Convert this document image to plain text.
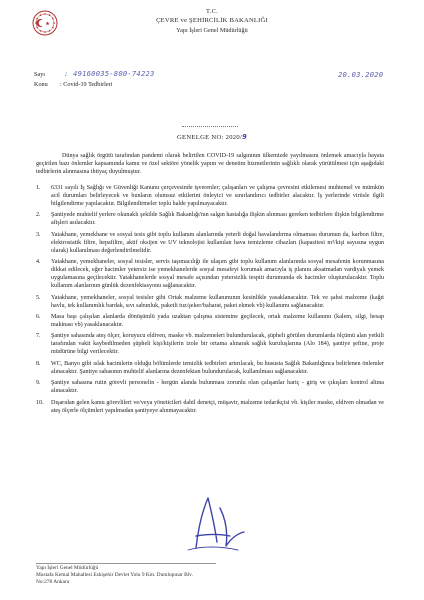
T.C.
ÇEVRE ve ŞEHİRCİLİK BAKANLIĞI
Yapı İşleri Genel Müdürlüğü
Sayı	: 49160035-800-74223	20.03.2020
Konu : Covid-19 Tedbirleri
GENELGE NO: 2020/9
Dünya sağlık örgütü tarafından pandemi olarak belirtilen COVID-19 salgınının ülkemizde yayılmasını önlemek amacıyla hayata geçirilen bazı önlemler kapsamında kamu ve özel sektöre yönelik yapım ve denetim hizmetlerinin sağlıklı olarak yürütülmesi için aşağıdaki tedbirlerin alınmasına ihtiyaç duyulmuştur.
1. 6331 sayılı İş Sağlığı ve Güvenliği Kanunu çerçevesinde işverenler; çalışanları ve çalışma çevresini etkilemesi muhtemel ve mümkün acil durumları belirleyecek ve bunların olumsuz etkilerini önleyici ve sınırlandırıcı tedbirler alacaktır. İş yerlerinde virüsle ilgili bilgilendirme yapılacaktır. Bilgilendirmeler toplu halde yapılmayacaktır.
2. Şantiyede muhtelif yerlere okunaklı şekilde Sağlık Bakanlığı'nın salgın hastalığa ilişkin alınması gereken tedbirlere ilişkin bilgilendirme afişleri asılacaktır.
3. Yatakhane, yemekhane ve sosyal tesis gibi toplu kullanım alanlarında yeterli doğal havalandırma olmaması durumun da, karbon filtre, elektrostatik filtre, hepafiltre, aktif oksijen ve UV teknolojisi kullanılan hava temizleme cihazları (kapasitesi m³/kişi sayısına uygun olarak) kullanılması değerlendirilmelidir.
4. Yatakhane, yemekhaneler, sosyal tesisler, servis taşımacılığı ile ulaşım gibi toplu kullanım alanlarında sosyal mesafenin korunmasına dikkat edilecek, eğer hacimler yetersiz ise yemekhanelerde sosyal mesafeyi korumak amacıyla iş planını aksatmadan vardiyalı yemek uygulamasına geçilecektir. Yatakhanelerde sosyal mesafe açısından yetersizlik tespiti durumunda ek hacimler oluşturulacaktır. Toplu kullanım alanlarının günlük dezenfektasyonu sağlanacaktır.
5. Yatakhane, yemekhaneler, sosyal tesisler gibi Ortak malzeme kullanımının kesinlikle yasaklanacaktır. Tek ve şahsi malzeme (kağıt havlu, tek kullanımlık bardak, sıvı sabunluk, paketli tuz/şeker/baharat, paket ekmek vb) kullanımı sağlanacaktır.
6. Masa başı çalışılan alanlarda dönüşümlü yada uzaktan çalışma sistemine geçilecek, ortak malzeme kullanımı (kalem, silgi, hesap makinası vb) yasaklanacaktır.
7. Şantiye sahasında ateş ölçer, koruyucu eldiven, maske vb. malzemeleri bulundurulacak, şüpheli görülen durumlarda ölçümü alan yetkili tarafından vakit kaybedilmeden şüpheli kişi/kişilerin izole bir ortama alınarak sağlık kuruluşlarına (Alo 184), şantiye şefine, proje müdürüne bilgi verilecektir.
8. WC, Banyo gibi ıslak hacimlerin olduğu bölümlerde temizlik tedbirleri artırılacak, bu hususta Sağlık Bakanlığınca belirlenen önlemler alınacaktır. Şantiye sahasının muhtelif alanlarına dezenfektan bulundurulacak, kullanılması sağlanacaktır.
9. Şantiye sahasına rutin görevli personelin - hergün alanda bulunması zorunlu olan çalışanlar hariç - giriş ve çıkışları kontrol altına alınacaktır.
10. Dışarıdan gelen kamu görevlileri ve/veya yöneticileri dahil denetçi, müşavir, malzeme tedarikçisi vb. kişiler maske, eldiven olmadan ve ateş ölçerle ölçümleri yapılmadan şantiyeye alınmayacaktır.
Yapı İşleri Genel Müdürlüğü
Mustafa Kemal Mahallesi Eskişehir Devlet Yolu 9 Km. Dumlupınar Blv.
No:278 Ankara
